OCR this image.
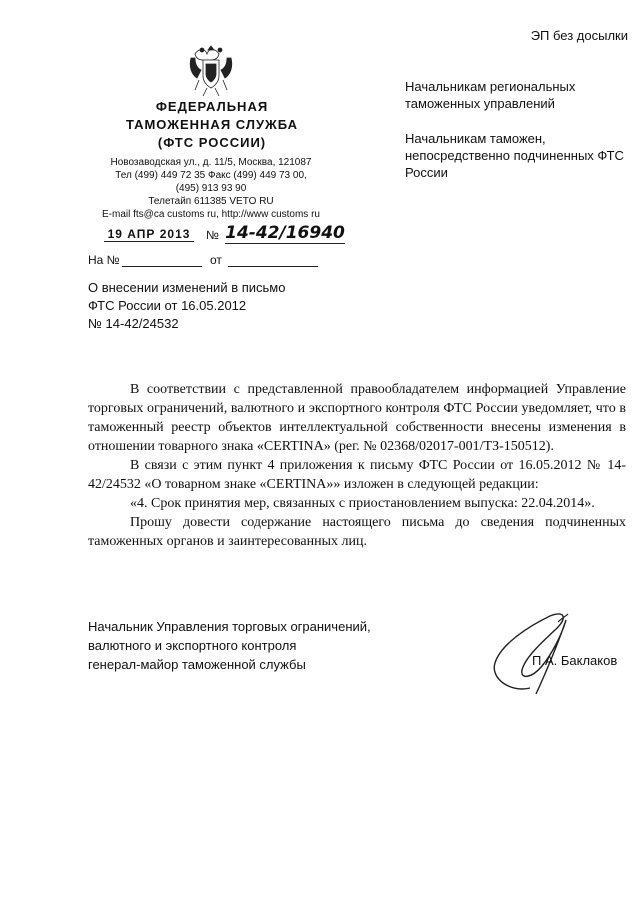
ЭП без досылки
ФЕДЕРАЛЬНАЯ
ТАМОЖЕННАЯ СЛУЖБА
(ФТС РОССИИ)
Новозаводская ул., д. 11/5, Москва, 121087
Тел (499) 449 72 35 Факс (499) 449 73 00,
(495) 913 93 90
Телетайп 611385 VETO RU
E-mail fts@ca customs ru, http://www customs ru

Начальникам региональных таможенных управлений

Начальникам таможен, непосредственно подчиненных ФТС России

19 АПР 2013 № 14-42/16940
На №	от
О внесении изменений в письмо
ФТС России от 16.05.2012
№ 14-42/24532

В соответствии с представленной правообладателем информацией Управление торговых ограничений, валютного и экспортного контроля ФТС России уведомляет, что в таможенный реестр объектов интеллектуальной собственности внесены изменения в отношении товарного знака «CERTINA» (рег. № 02368/02017-001/ТЗ-150512).

В связи с этим пункт 4 приложения к письму ФТС России от 16.05.2012 № 14-42/24532 «О товарном знаке «CERTINA»» изложен в следующей редакции:

«4. Срок принятия мер, связанных с приостановлением выпуска: 22.04.2014».

Прошу довести содержание настоящего письма до сведения подчиненных таможенных органов и заинтересованных лиц.

Начальник Управления торговых ограничений,
валютного и экспортного контроля
генерал-майор таможенной службы	П.А. Баклаков
